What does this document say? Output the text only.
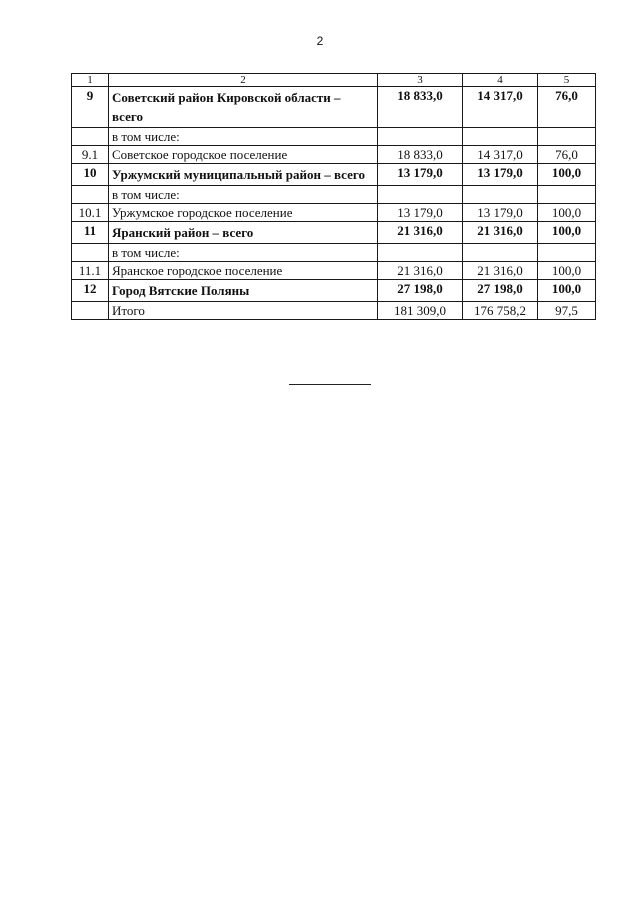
2
1	2	3	4	5
9	Советский район Кировской области – всего	18 833,0	14 317,0	76,0
	в том числе:			
9.1	Советское городское поселение	18 833,0	14 317,0	76,0
10	Уржумский муниципальный район – всего	13 179,0	13 179,0	100,0
	в том числе:			
10.1	Уржумское городское поселение	13 179,0	13 179,0	100,0
11	Яранский район – всего	21 316,0	21 316,0	100,0
	в том числе:			
11.1	Яранское городское поселение	21 316,0	21 316,0	100,0
12	Город Вятские Поляны	27 198,0	27 198,0	100,0
	Итого	181 309,0	176 758,2	97,5
